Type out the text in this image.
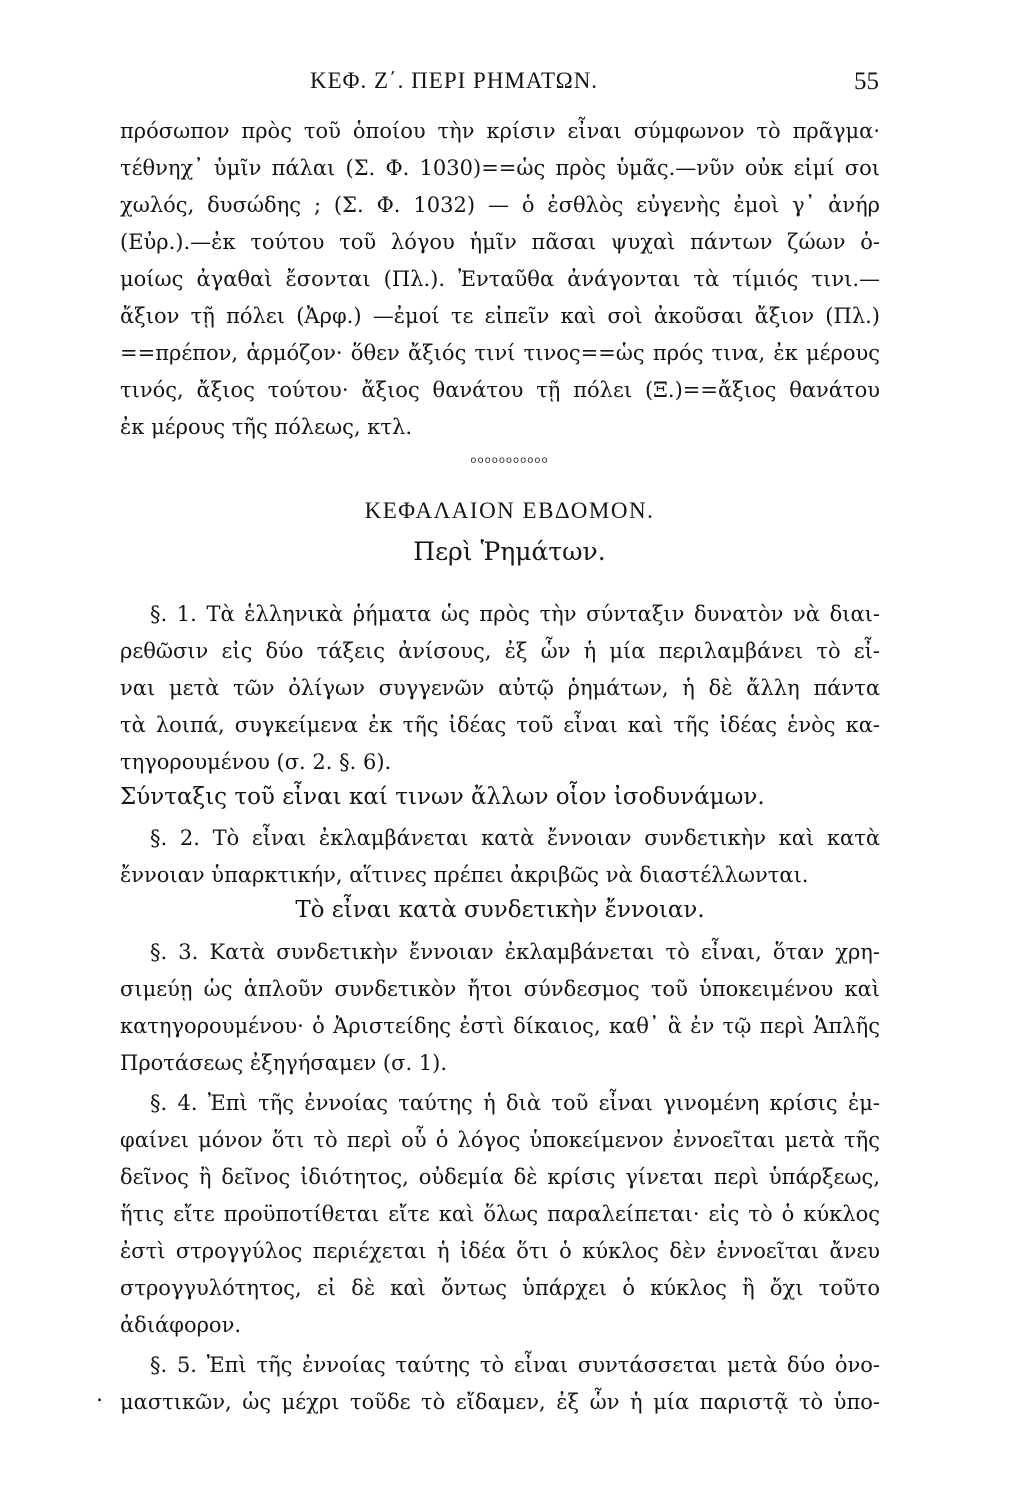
ΚΕΦ. Ζ΄. ΠΕΡΙ ΡΗΜΑΤΩΝ.	55
πρόσωπον πρὸς τοῦ ὁποίου τὴν κρίσιν εἶναι σύμφωνον τὸ πρᾶγμα·
τέθνηχ᾽ ὑμῖν πάλαι (Σ. Φ. 1030)==ὡς πρὸς ὑμᾶς.—νῦν οὐκ εἰμί σοι
χωλός, δυσώδης ; (Σ. Φ. 1032) — ὁ ἐσθλὸς εὐγενὴς ἐμοὶ γ᾽ ἀνήρ
(Εὐρ.).—ἐκ τούτου τοῦ λόγου ἡμῖν πᾶσαι ψυχαὶ πάντων ζώων ὁ-
μοίως ἀγαθαὶ ἔσονται (Πλ.). Ἐνταῦθα ἀνάγονται τὰ τίμιός τινι.—
ἄξιον τῇ πόλει (Ἀρφ.) —ἐμοί τε εἰπεῖν καὶ σοὶ ἀκοῦσαι ἄξιον (Πλ.)
==πρέπον, ἁρμόζον· ὅθεν ἄξιός τινί τινος==ὡς πρός τινα, ἐκ μέρους
τινός, ἄξιος τούτου· ἄξιος θανάτου τῇ πόλει (Ξ.)==ἄξιος θανάτου
ἐκ μέρους τῆς πόλεως, κτλ.
ooooooooooo
ΚΕΦΑΛΑΙΟΝ ΕΒΔΟΜΟΝ.
Περὶ Ῥημάτων.
§. 1. Τὰ ἑλληνικὰ ῥήματα ὡς πρὸς τὴν σύνταξιν δυνατὸν νὰ διαι-
ρεθῶσιν εἰς δύο τάξεις ἀνίσους, ἐξ ὧν ἡ μία περιλαμβάνει τὸ εἶ-
ναι μετὰ τῶν ὀλίγων συγγενῶν αὐτῷ ῥημάτων, ἡ δὲ ἄλλη πάντα
τὰ λοιπά, συγκείμενα ἐκ τῆς ἰδέας τοῦ εἶναι καὶ τῆς ἰδέας ἑνὸς κα-
τηγορουμένου (σ. 2. §. 6).
Σύνταξις τοῦ εἶναι καί τινων ἄλλων οἷον ἰσοδυνάμων.
§. 2. Τὸ εἶναι ἐκλαμβάνεται κατὰ ἔννοιαν συνδετικὴν καὶ κατὰ
ἔννοιαν ὑπαρκτικήν, αἵτινες πρέπει ἀκριβῶς νὰ διαστέλλωνται.
Τὸ εἶναι κατὰ συνδετικὴν ἔννοιαν.
§. 3. Κατὰ συνδετικὴν ἔννοιαν ἐκλαμβάνεται τὸ εἶναι, ὅταν χρη-
σιμεύῃ ὡς ἁπλοῦν συνδετικὸν ἤτοι σύνδεσμος τοῦ ὑποκειμένου καὶ
κατηγορουμένου· ὁ Ἀριστείδης ἐστὶ δίκαιος, καθ᾽ ἃ ἐν τῷ περὶ Ἁπλῆς
Προτάσεως ἐξηγήσαμεν (σ. 1).
§. 4. Ἐπὶ τῆς ἐννοίας ταύτης ἡ διὰ τοῦ εἶναι γινομένη κρίσις ἐμ-
φαίνει μόνον ὅτι τὸ περὶ οὗ ὁ λόγος ὑποκείμενον ἐννοεῖται μετὰ τῆς
δεῖνος ἢ δεῖνος ἰδιότητος, οὐδεμία δὲ κρίσις γίνεται περὶ ὑπάρξεως,
ἥτις εἴτε προϋποτίθεται εἴτε καὶ ὅλως παραλείπεται· εἰς τὸ ὁ κύκλος
ἐστὶ στρογγύλος περιέχεται ἡ ἰδέα ὅτι ὁ κύκλος δὲν ἐννοεῖται ἄνευ
στρογγυλότητος, εἰ δὲ καὶ ὄντως ὑπάρχει ὁ κύκλος ἢ ὄχι τοῦτο
ἀδιάφορον.
§. 5. Ἐπὶ τῆς ἐννοίας ταύτης τὸ εἶναι συντάσσεται μετὰ δύο ὀνο-
μαστικῶν, ὡς μέχρι τοῦδε τὸ εἴδαμεν, ἐξ ὧν ἡ μία παριστᾷ τὸ ὑπο-
.
